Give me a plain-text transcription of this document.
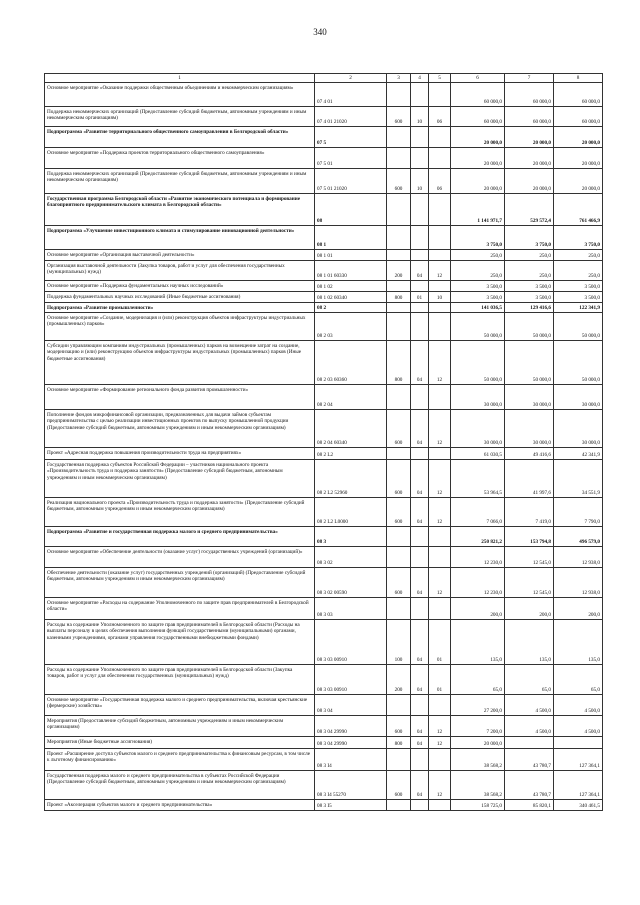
340
1	2	3	4	5	6	7	8

Основное мероприятие «Оказание поддержки общественным объединениям и некоммерческим организациям»	07 4 01				60 000,0	60 000,0	60 000,0

Поддержка некоммерческих организаций (Предоставление субсидий бюджетным, автономным учреждениям и иным некоммерческим организациям)	07 4 01 21020	600	10	06	60 000,0	60 000,0	60 000,0

Подпрограмма «Развитие территориального общественного самоуправления в Белгородской области»	07 5				20 000,0	20 000,0	20 000,0

Основное мероприятие «Поддержка проектов территориального общественного самоуправления»	07 5 01				20 000,0	20 000,0	20 000,0

Поддержка некоммерческих организаций (Предоставление субсидий бюджетным, автономным учреждениям и иным некоммерческим организациям)	07 5 01 21020	600	10	06	20 000,0	20 000,0	20 000,0

Государственная программа Белгородской области «Развитие экономического потенциала и формирование благоприятного предпринимательского климата в Белгородской области»	08				1 141 971,7	529 572,4	761 466,9

Подпрограмма «Улучшение инвестиционного климата и стимулирование инновационной деятельности»	08 1				3 750,0	3 750,0	3 750,0

Основное мероприятие «Организация выставочной деятельности»	08 1 01				250,0	250,0	250,0

Организация выставочной деятельности (Закупка товаров, работ и услуг для обеспечения государственных (муниципальных) нужд)	08 1 01 60330	200	04	12	250,0	250,0	250,0

Основное мероприятие «Поддержка фундаментальных научных исследований»	08 1 02				3 500,0	3 500,0	3 500,0

Поддержка фундаментальных научных исследований (Иные бюджетные ассигнования)	08 1 02 60340	800	01	10	3 500,0	3 500,0	3 500,0

Подпрограмма «Развитие промышленности»	08 2				141 036,5	129 416,6	122 341,9

Основное мероприятие «Создание, модернизация и (или) реконструкция объектов инфраструктуры индустриальных (промышленных) парков»	08 2 03				50 000,0	50 000,0	50 000,0

Субсидии управляющим компаниям индустриальных (промышленных) парков на возмещение затрат на создание, модернизацию и (или) реконструкцию объектов инфраструктуры индустриальных (промышленных) парков (Иные бюджетные ассигнования)	08 2 03 60360	800	04	12	50 000,0	50 000,0	50 000,0

Основное мероприятие «Формирование регионального фонда развития промышленности»	08 2 04				30 000,0	30 000,0	30 000,0

Пополнение фондов микрофинансовой организации, предназначенных для выдачи займов субъектам предпринимательства с целью реализации инвестиционных проектов по выпуску промышленной продукции (Предоставление субсидий бюджетным, автономным учреждениям и иным некоммерческим организациям)	08 2 04 60340	600	04	12	30 000,0	30 000,0	30 000,0

Проект «Адресная поддержка повышения производительности труда на предприятиях»	08 2 L2				61 030,5	49 416,6	42 341,9

Государственная поддержка субъектов Российской Федерации – участников национального проекта «Производительность труда и поддержка занятости» (Предоставление субсидий бюджетным, автономным учреждениям и иным некоммерческим организациям)	08 2 L2 52960	600	04	12	53 964,5	41 997,6	34 551,9

Реализация национального проекта «Производительность труда и поддержка занятости» (Предоставление субсидий бюджетным, автономным учреждениям и иным некоммерческим организациям)	08 2 L2 L0000	600	04	12	7 066,0	7 419,0	7 790,0

Подпрограмма «Развитие и государственная поддержка малого и среднего предпринимательства»	08 3				250 821,2	153 794,8	496 579,0

Основное мероприятие «Обеспечение деятельности (оказание услуг) государственных учреждений (организаций)»	08 3 02				12 230,0	12 545,0	12 938,0

Обеспечение деятельности (оказание услуг) государственных учреждений (организаций) (Предоставление субсидий бюджетным, автономным учреждениям и иным некоммерческим организациям)	08 3 02 00590	600	04	12	12 230,0	12 545,0	12 938,0

Основное мероприятие «Расходы на содержание Уполномоченного по защите прав предпринимателей в Белгородской области»	08 3 03				200,0	200,0	200,0

Расходы на содержание Уполномоченного по защите прав предпринимателей в Белгородской области (Расходы на выплаты персоналу в целях обеспечения выполнения функций государственными (муниципальными) органами, казенными учреждениями, органами управления государственными внебюджетными фондами)	08 3 03 00910	100	04	01	135,0	135,0	135,0

Расходы на содержание Уполномоченного по защите прав предпринимателей в Белгородской области (Закупка товаров, работ и услуг для обеспечения государственных (муниципальных) нужд)	08 3 03 00910	200	04	01	65,0	65,0	65,0

Основное мероприятие «Государственная поддержка малого и среднего предпринимательства, включая крестьянские (фермерские) хозяйства»	08 3 04				27 200,0	4 500,0	4 500,0

Мероприятия (Предоставление субсидий бюджетным, автономным учреждениям и иным некоммерческим организациям)	08 3 04 29990	600	04	12	7 200,0	4 500,0	4 500,0

Мероприятия (Иные бюджетные ассигнования)	08 3 04 29990	800	04	12	20 000,0		

Проект «Расширение доступа субъектов малого и среднего предпринимательства к финансовым ресурсам, в том числе к льготному финансированию»	08 3 I4				38 568,2	43 780,7	127 364,1

Государственная поддержка малого и среднего предпринимательства в субъектах Российской Федерации (Предоставление субсидий бюджетным, автономным учреждениям и иным некоммерческим организациям)	08 3 I4 55270	600	04	12	38 568,2	43 780,7	127 364,1

Проект «Акселерация субъектов малого и среднего предпринимательства»	08 3 I5				158 725,0	85 820,1	340 461,5
